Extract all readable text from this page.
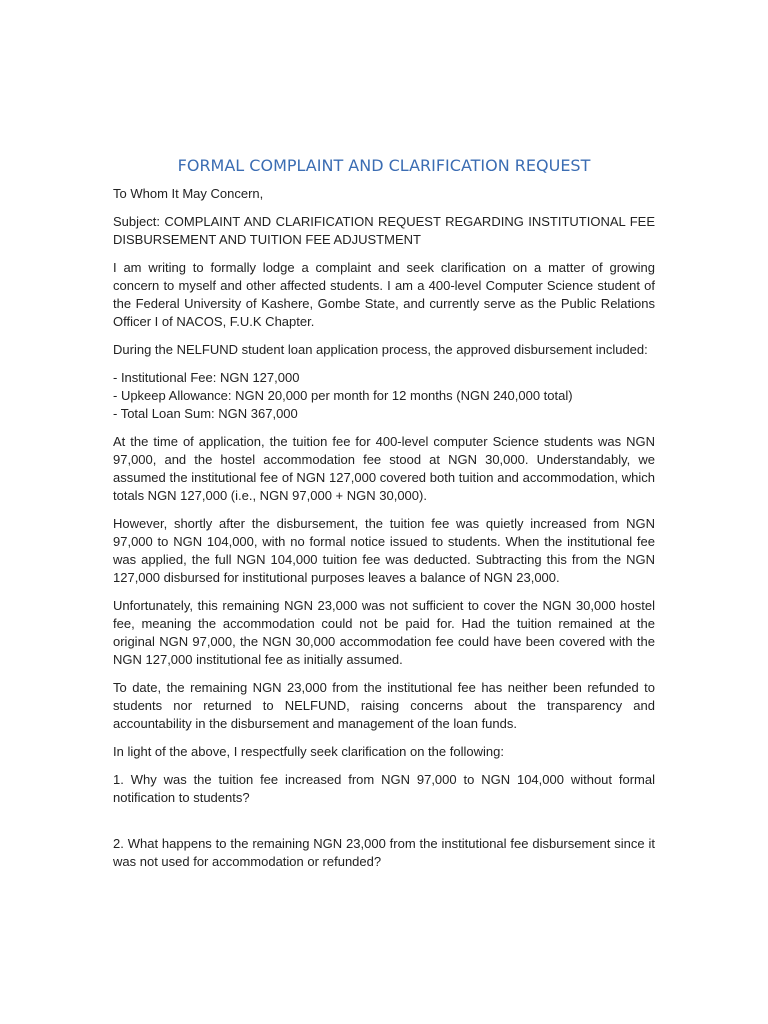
FORMAL COMPLAINT AND CLARIFICATION REQUEST

To Whom It May Concern,

Subject: COMPLAINT AND CLARIFICATION REQUEST REGARDING INSTITUTIONAL FEE DISBURSEMENT AND TUITION FEE ADJUSTMENT

I am writing to formally lodge a complaint and seek clarification on a matter of growing concern to myself and other affected students. I am a 400-level Computer Science student of the Federal University of Kashere, Gombe State, and currently serve as the Public Relations Officer I of NACOS, F.U.K Chapter.

During the NELFUND student loan application process, the approved disbursement included:

- Institutional Fee: NGN 127,000
- Upkeep Allowance: NGN 20,000 per month for 12 months (NGN 240,000 total)
- Total Loan Sum: NGN 367,000

At the time of application, the tuition fee for 400-level computer Science students was NGN 97,000, and the hostel accommodation fee stood at NGN 30,000. Understandably, we assumed the institutional fee of NGN 127,000 covered both tuition and accommodation, which totals NGN 127,000 (i.e., NGN 97,000 + NGN 30,000).

However, shortly after the disbursement, the tuition fee was quietly increased from NGN 97,000 to NGN 104,000, with no formal notice issued to students. When the institutional fee was applied, the full NGN 104,000 tuition fee was deducted. Subtracting this from the NGN 127,000 disbursed for institutional purposes leaves a balance of NGN 23,000.

Unfortunately, this remaining NGN 23,000 was not sufficient to cover the NGN 30,000 hostel fee, meaning the accommodation could not be paid for. Had the tuition remained at the original NGN 97,000, the NGN 30,000 accommodation fee could have been covered with the NGN 127,000 institutional fee as initially assumed.

To date, the remaining NGN 23,000 from the institutional fee has neither been refunded to students nor returned to NELFUND, raising concerns about the transparency and accountability in the disbursement and management of the loan funds.

In light of the above, I respectfully seek clarification on the following:

1. Why was the tuition fee increased from NGN 97,000 to NGN 104,000 without formal notification to students?

2. What happens to the remaining NGN 23,000 from the institutional fee disbursement since it was not used for accommodation or refunded?
